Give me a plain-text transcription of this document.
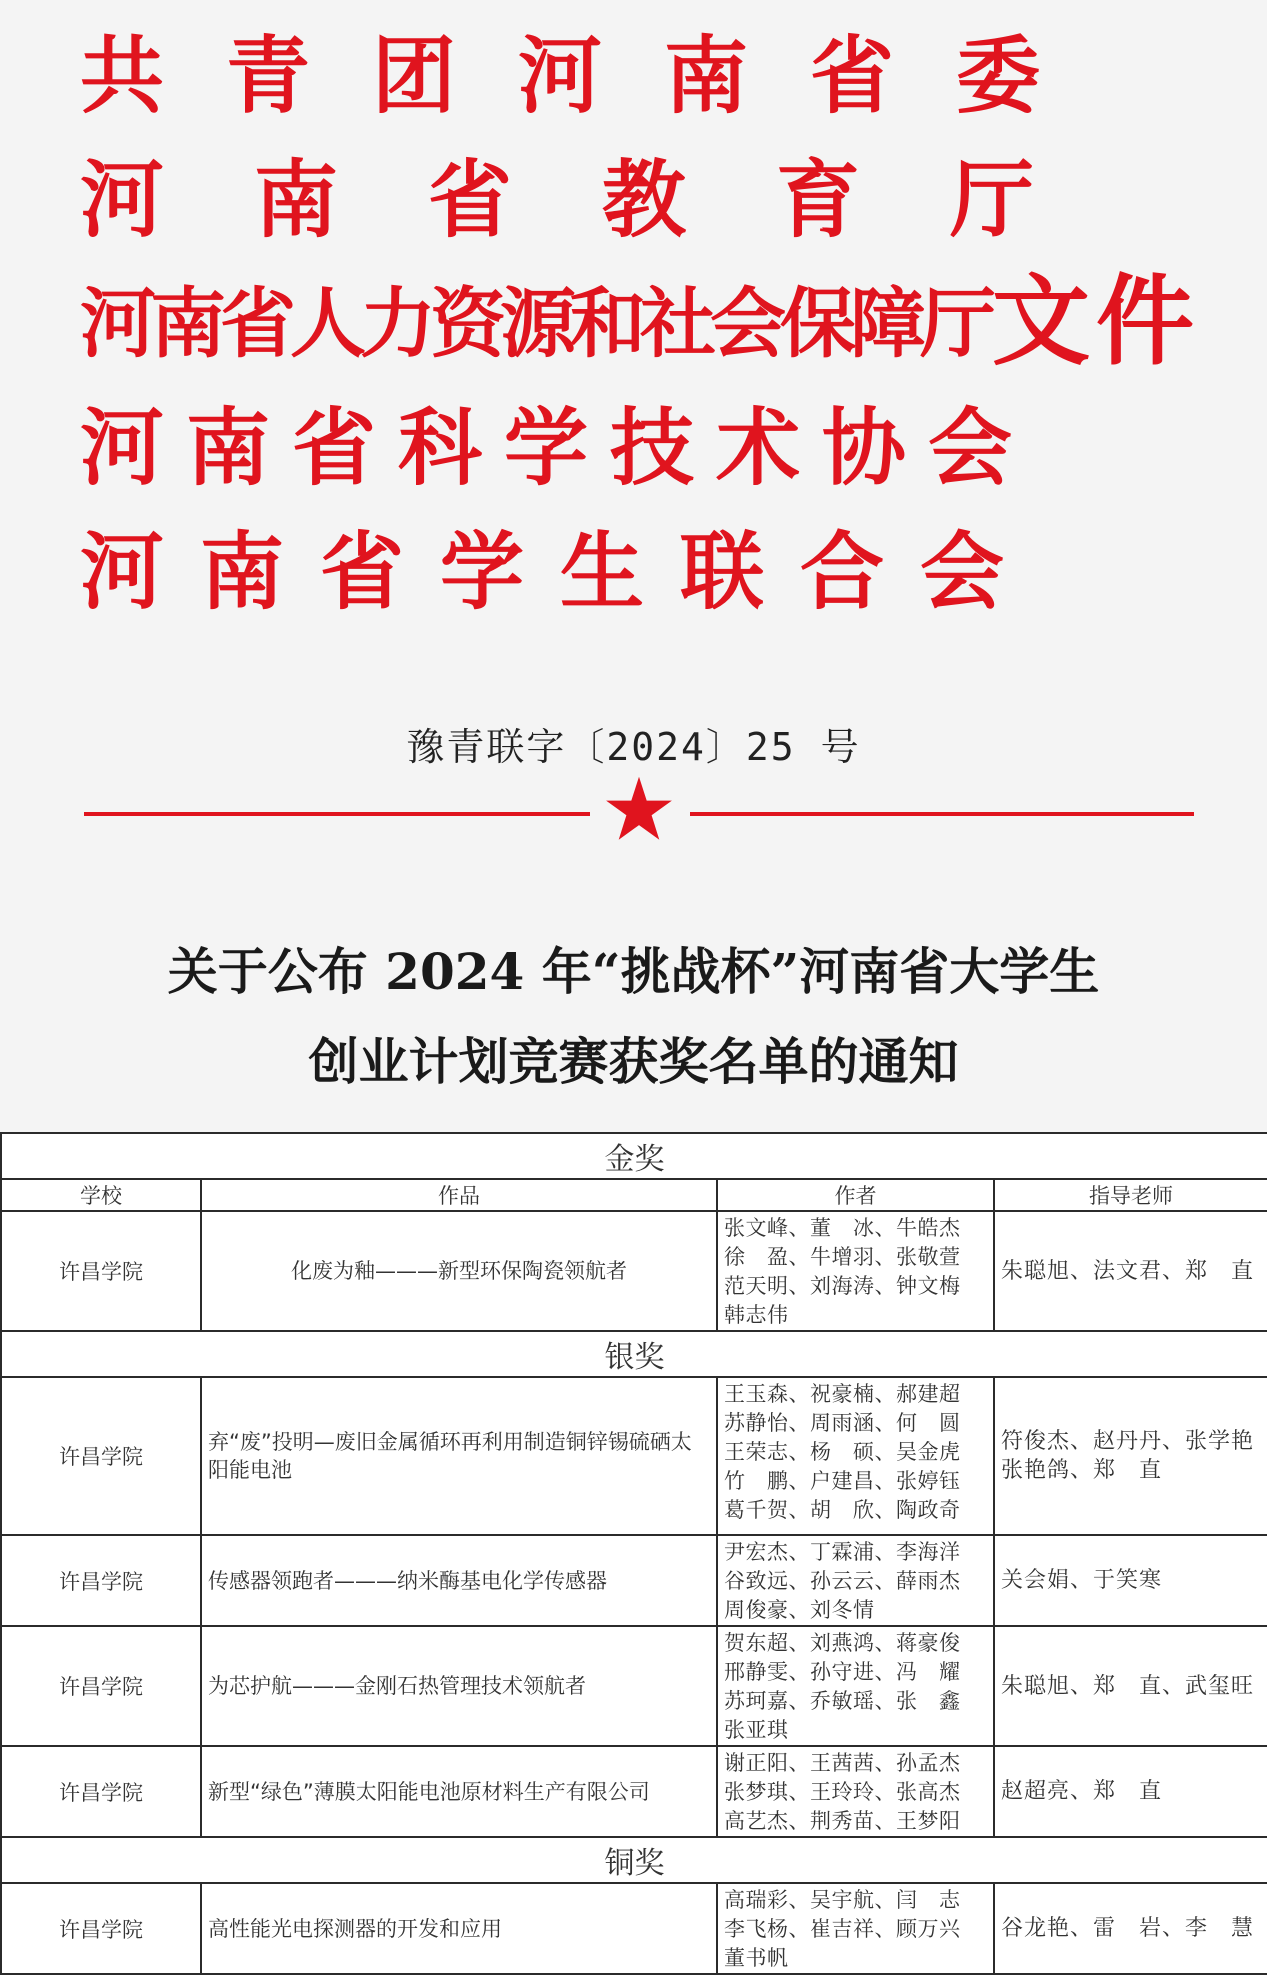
共青团河南省委
河南省教育厅
河南省人力资源和社会保障厅
河南省科学技术协会
河南省学生联合会
文件
豫青联字〔2024〕25 号
关于公布 2024 年“挑战杯”河南省大学生
创业计划竞赛获奖名单的通知
金奖			
学校	作品	作者	指导老师
许昌学院	化废为釉———新型环保陶瓷领航者	张文峰、董　冰、牛皓杰
徐　盈、牛增羽、张敬萱
范天明、刘海涛、钟文梅
韩志伟	朱聪旭、法文君、郑　直
银奖			
许昌学院	弃“废”投明—废旧金属循环再利用制造铜锌锡硫硒太阳能电池	王玉森、祝豪楠、郝建超
苏静怡、周雨涵、何　圆
王荣志、杨　硕、吴金虎
竹　鹏、户建昌、张婷钰
葛千贺、胡　欣、陶政奇	符俊杰、赵丹丹、张学艳
张艳鸽、郑　直
许昌学院	传感器领跑者———纳米酶基电化学传感器	尹宏杰、丁霖浦、李海洋
谷致远、孙云云、薛雨杰
周俊豪、刘冬情	关会娟、于笑寒
许昌学院	为芯护航———金刚石热管理技术领航者	贺东超、刘燕鸿、蒋豪俊
邢静雯、孙守进、冯　耀
苏珂嘉、乔敏瑶、张　鑫
张亚琪	朱聪旭、郑　直、武玺旺
许昌学院	新型“绿色”薄膜太阳能电池原材料生产有限公司	谢正阳、王茜茜、孙孟杰
张梦琪、王玲玲、张高杰
高艺杰、荆秀苗、王梦阳	赵超亮、郑　直
铜奖			
许昌学院	高性能光电探测器的开发和应用	高瑞彩、吴宇航、闫　志
李飞杨、崔吉祥、顾万兴
董书帆	谷龙艳、雷　岩、李　慧
